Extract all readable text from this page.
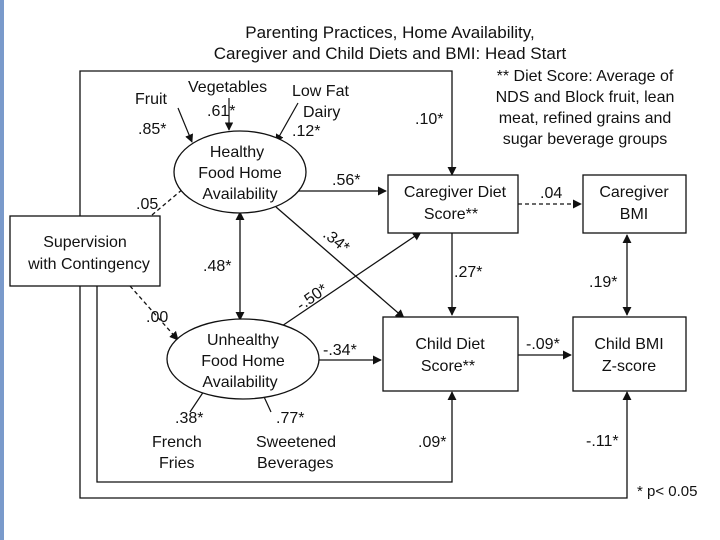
Parenting Practices, Home Availability,
Caregiver and Child Diets and BMI: Head Start
** Diet Score: Average of
NDS and Block fruit, lean
meat, refined grains and
sugar beverage groups
Supervision
with Contingency
Healthy
Food Home
Availability
Unhealthy
Food Home
Availability
Caregiver Diet
Score**
Caregiver
BMI
Child Diet
Score**
Child BMI
Z-score
Fruit
Vegetables Low Fat
Dairy
French
Fries
Sweetened
Beverages
.85*
.61*
.12*
.05
.00
.48*
.56*
.34*
-.50*
-.34*
.04
.27*
.19*
-.09*
.10*
.09*	-.11*
.38*	.77*
* p< 0.05
